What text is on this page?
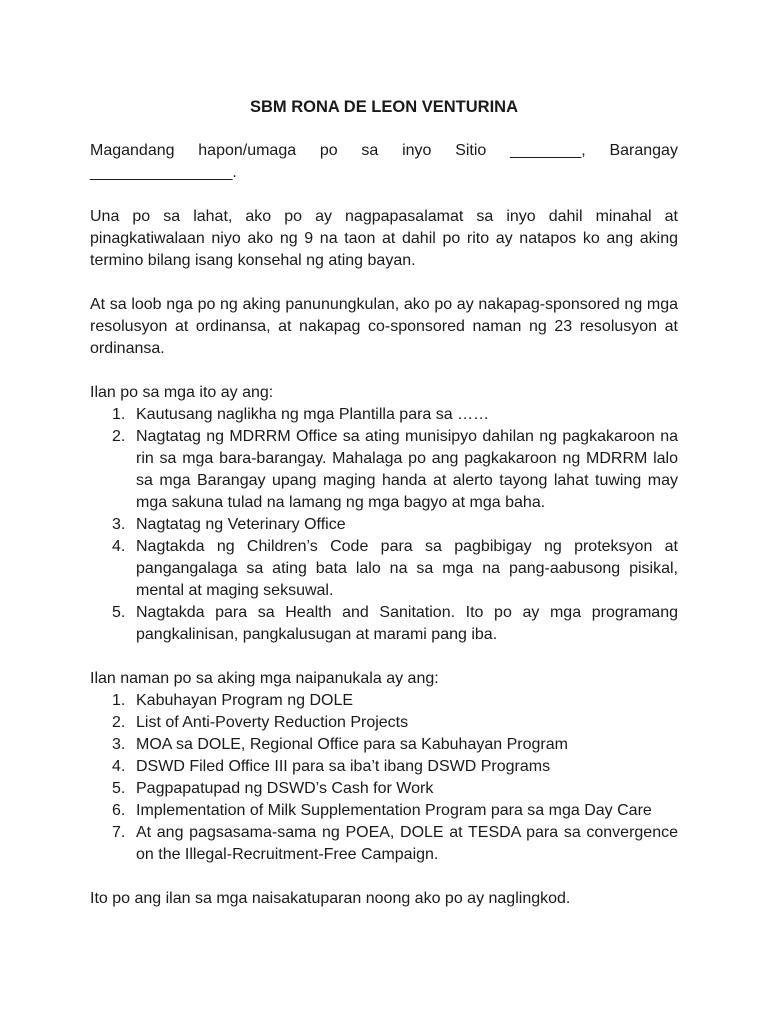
SBM RONA DE LEON VENTURINA
Magandang hapon/umaga po sa inyo Sitio ________, Barangay
________________.
Una po sa lahat, ako po ay nagpapasalamat sa inyo dahil minahal at pinagkatiwalaan niyo ako ng 9 na taon at dahil po rito ay natapos ko ang aking termino bilang isang konsehal ng ating bayan.
At sa loob nga po ng aking panunungkulan, ako po ay nakapag-sponsored ng mga resolusyon at ordinansa, at nakapag co-sponsored naman ng 23 resolusyon at ordinansa.
Ilan po sa mga ito ay ang:
1. Kautusang naglikha ng mga Plantilla para sa ……
2. Nagtatag ng MDRRM Office sa ating munisipyo dahilan ng pagkakaroon na rin sa mga bara-barangay. Mahalaga po ang pagkakaroon ng MDRRM lalo sa mga Barangay upang maging handa at alerto tayong lahat tuwing may mga sakuna tulad na lamang ng mga bagyo at mga baha.
3. Nagtatag ng Veterinary Office
4. Nagtakda ng Children’s Code para sa pagbibigay ng proteksyon at pangangalaga sa ating bata lalo na sa mga na pang-aabusong pisikal, mental at maging seksuwal.
5. Nagtakda para sa Health and Sanitation. Ito po ay mga programang pangkalinisan, pangkalusugan at marami pang iba.
Ilan naman po sa aking mga naipanukala ay ang:
1. Kabuhayan Program ng DOLE
2. List of Anti-Poverty Reduction Projects
3. MOA sa DOLE, Regional Office para sa Kabuhayan Program
4. DSWD Filed Office III para sa iba’t ibang DSWD Programs
5. Pagpapatupad ng DSWD’s Cash for Work
6. Implementation of Milk Supplementation Program para sa mga Day Care
7. At ang pagsasama-sama ng POEA, DOLE at TESDA para sa convergence on the Illegal-Recruitment-Free Campaign.
Ito po ang ilan sa mga naisakatuparan noong ako po ay naglingkod.
